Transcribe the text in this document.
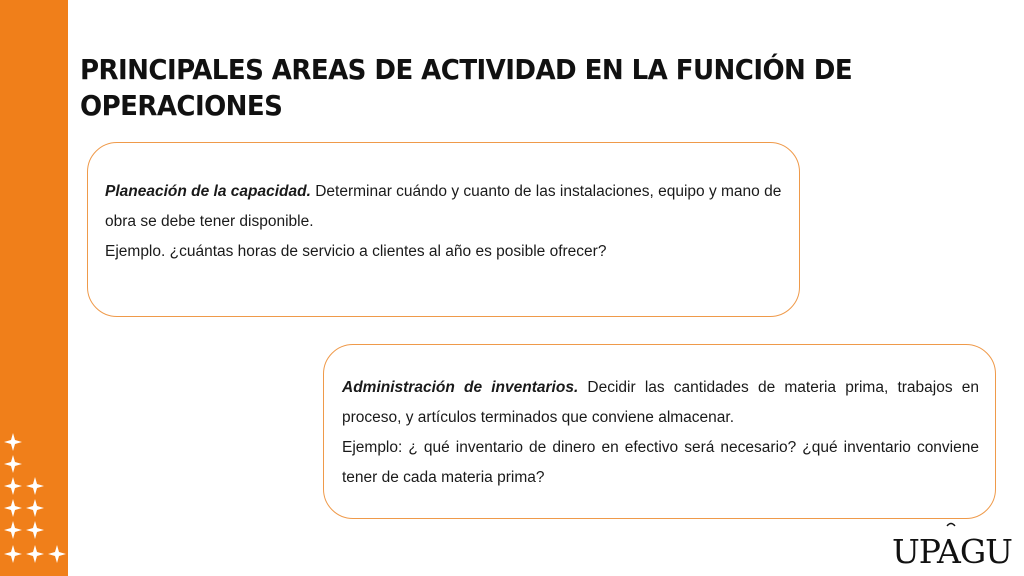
PRINCIPALES AREAS DE ACTIVIDAD EN LA FUNCIÓN DE OPERACIONES

Planeación de la capacidad. Determinar cuándo y cuanto de las instalaciones, equipo y mano de obra se debe tener disponible.

Ejemplo. ¿cuántas horas de servicio a clientes al año es posible ofrecer?

Administración de inventarios. Decidir las cantidades de materia prima, trabajos en proceso, y artículos terminados que conviene almacenar.

Ejemplo: ¿ qué inventario de dinero en efectivo será necesario? ¿qué inventario conviene tener de cada materia prima?

UPAGU
